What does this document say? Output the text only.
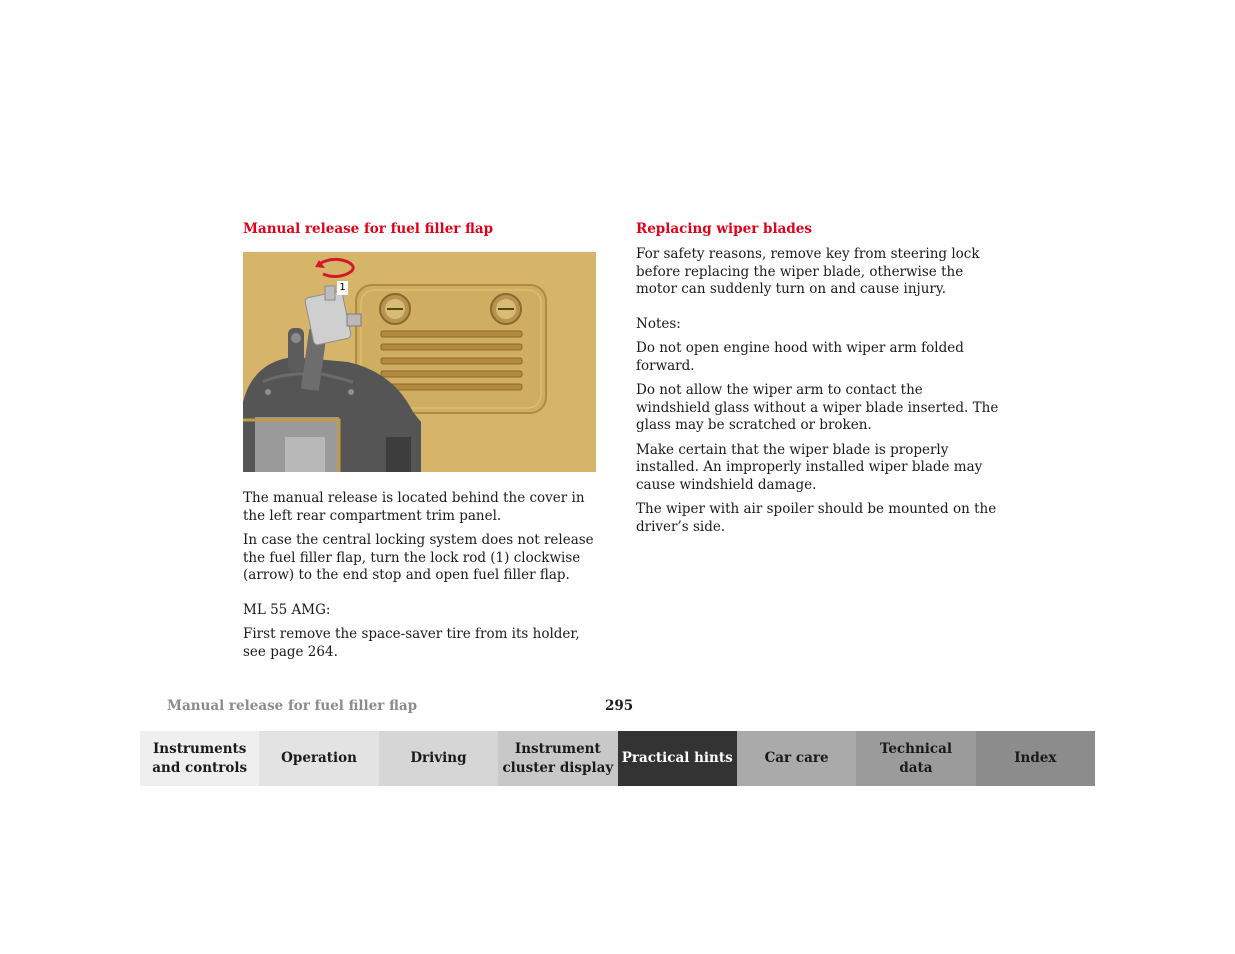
Manual release for fuel filler flap
1

The manual release is located behind the cover in the left rear compartment trim panel.

In case the central locking system does not release the fuel filler flap, turn the lock rod (1) clockwise (arrow) to the end stop and open fuel filler flap.

ML 55 AMG:

First remove the space-saver tire from its holder, see page 264.

Replacing wiper blades

For safety reasons, remove key from steering lock before replacing the wiper blade, otherwise the motor can suddenly turn on and cause injury.

Notes:

Do not open engine hood with wiper arm folded forward.

Do not allow the wiper arm to contact the windshield glass without a wiper blade inserted. The glass may be scratched or broken.

Make certain that the wiper blade is properly installed. An improperly installed wiper blade may cause windshield damage.

The wiper with air spoiler should be mounted on the driver’s side.

Manual release for fuel filler flap	295
Instruments
and controls
Operation	Driving
Instrument
cluster display
Practical hints Car care
Technical
data
Index
